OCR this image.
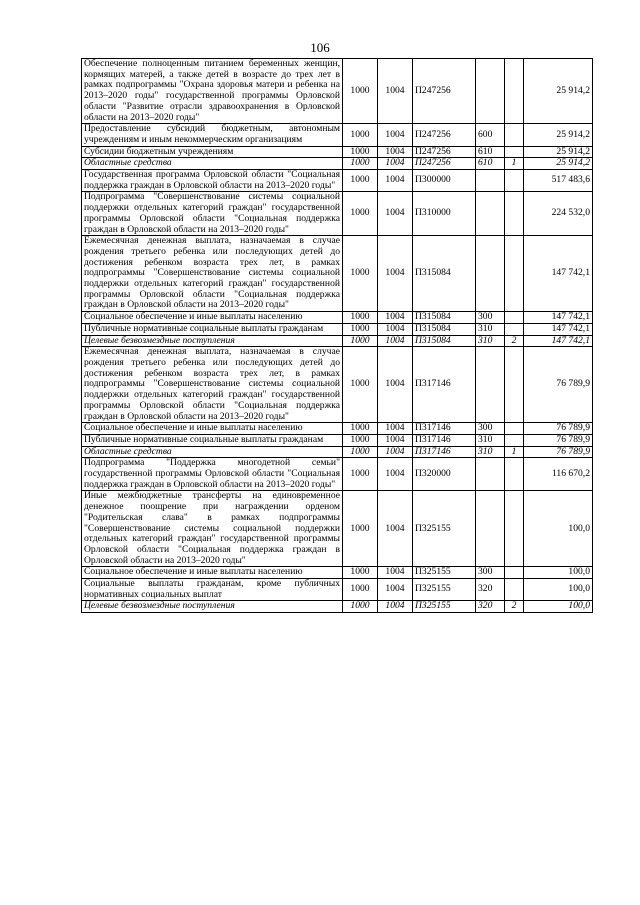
106
Обеспечение полноценным питанием беременных женщин, кормящих матерей, а также детей в возрасте до трех лет в рамках подпрограммы "Охрана здоровья матери и ребенка на 2013–2020 годы" государственной программы Орловской области "Развитие отрасли здравоохранения в Орловской области на 2013–2020 годы"	1000	1004	П247256			25 914,2
Предоставление субсидий бюджетным, автономным учреждениям и иным некоммерческим организациям	1000	1004	П247256	600		25 914,2
Субсидии бюджетным учреждениям	1000	1004	П247256	610		25 914,2
Областные средства	1000	1004	П247256	610	1	25 914,2
Государственная программа Орловской области "Социальная поддержка граждан в Орловской области на 2013–2020 годы"	1000	1004	П300000			517 483,6
Подпрограмма "Совершенствование системы социальной поддержки отдельных категорий граждан" государственной программы Орловской области "Социальная поддержка граждан в Орловской области на 2013–2020 годы"	1000	1004	П310000			224 532,0
Ежемесячная денежная выплата, назначаемая в случае рождения третьего ребенка или последующих детей до достижения ребенком возраста трех лет, в рамках подпрограммы "Совершенствование системы социальной поддержки отдельных категорий граждан" государственной программы Орловской области "Социальная поддержка граждан в Орловской области на 2013–2020 годы"	1000	1004	П315084			147 742,1
Социальное обеспечение и иные выплаты населению	1000	1004	П315084	300		147 742,1
Публичные нормативные социальные выплаты гражданам	1000	1004	П315084	310		147 742,1
Целевые безвозмездные поступления	1000	1004	П315084	310	2	147 742,1
Ежемесячная денежная выплата, назначаемая в случае рождения третьего ребенка или последующих детей до достижения ребенком возраста трех лет, в рамках подпрограммы "Совершенствование системы социальной поддержки отдельных категорий граждан" государственной программы Орловской области "Социальная поддержка граждан в Орловской области на 2013–2020 годы"	1000	1004	П317146			76 789,9
Социальное обеспечение и иные выплаты населению	1000	1004	П317146	300		76 789,9
Публичные нормативные социальные выплаты гражданам	1000	1004	П317146	310		76 789,9
Областные средства	1000	1004	П317146	310	1	76 789,9
Подпрограмма "Поддержка многодетной семьи" государственной программы Орловской области "Социальная поддержка граждан в Орловской области на 2013–2020 годы"	1000	1004	П320000			116 670,2
Иные межбюджетные трансферты на единовременное денежное поощрение при награждении орденом "Родительская слава" в рамках подпрограммы "Совершенствование системы социальной поддержки отдельных категорий граждан" государственной программы Орловской области "Социальная поддержка граждан в Орловской области на 2013–2020 годы"	1000	1004	П325155			100,0
Социальное обеспечение и иные выплаты населению	1000	1004	П325155	300		100,0
Социальные выплаты гражданам, кроме публичных нормативных социальных выплат	1000	1004	П325155	320		100,0
Целевые безвозмездные поступления	1000	1004	П325155	320	2	100,0
